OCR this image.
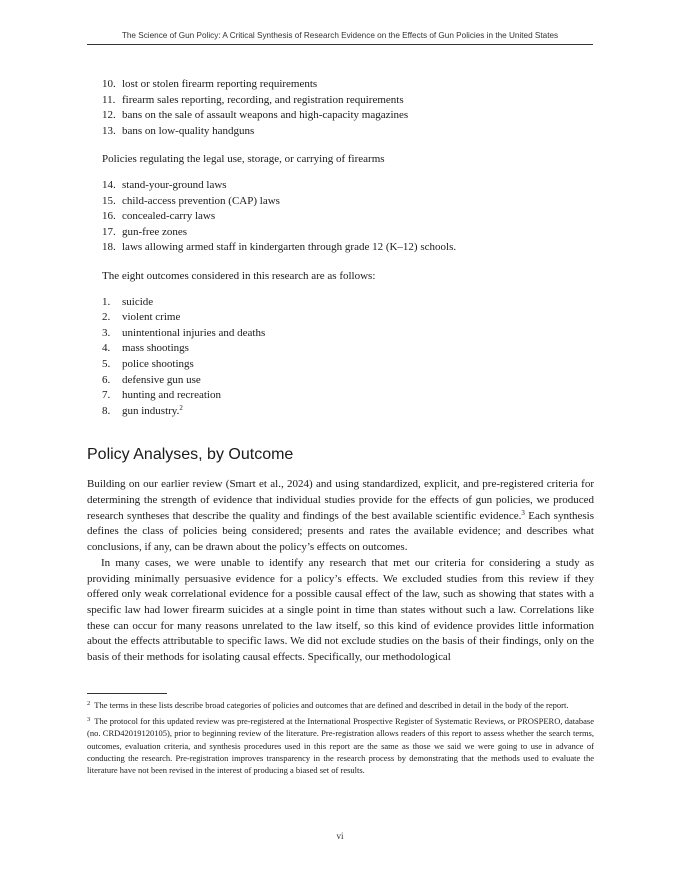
The Science of Gun Policy: A Critical Synthesis of Research Evidence on the Effects of Gun Policies in the United States
10. lost or stolen firearm reporting requirements
11. firearm sales reporting, recording, and registration requirements
12. bans on the sale of assault weapons and high-capacity magazines
13. bans on low-quality handguns

Policies regulating the legal use, storage, or carrying of firearms

14. stand-your-ground laws
15. child-access prevention (CAP) laws
16. concealed-carry laws
17. gun-free zones
18. laws allowing armed staff in kindergarten through grade 12 (K–12) schools.

The eight outcomes considered in this research are as follows:

1.	suicide
2.	violent crime
3.	unintentional injuries and deaths
4.	mass shootings
5.	police shootings
6.	defensive gun use
7.	hunting and recreation
8.	gun industry.$^2$
Policy Analyses, by Outcome

Building on our earlier review (Smart et al., 2024) and using standardized, explicit, and pre-registered criteria for determining the strength of evidence that individual studies provide for the effects of gun policies, we produced research syntheses that describe the quality and findings of the best available scientific evidence.$^3$ Each synthesis defines the class of policies being considered; presents and rates the available evidence; and describes what conclusions, if any, can be drawn about the policy’s effects on outcomes.

In many cases, we were unable to identify any research that met our criteria for considering a study as providing minimally persuasive evidence for a policy’s effects. We excluded studies from this review if they offered only weak correlational evidence for a possible causal effect of the law, such as showing that states with a specific law had lower firearm suicides at a single point in time than states without such a law. Correlations like these can occur for many reasons unrelated to the law itself, so this kind of evidence provides little information about the effects attributable to specific laws. We did not exclude studies on the basis of their findings, only on the basis of their methods for isolating causal effects. Specifically, our methodological

$^2$ The terms in these lists describe broad categories of policies and outcomes that are defined and described in detail in the body of the report.

$^3$ The protocol for this updated review was pre-registered at the International Prospective Register of Systematic Reviews, or PROSPERO, database (no. CRD42019120105), prior to beginning review of the literature. Pre-registration allows readers of this report to assess whether the search terms, outcomes, evaluation criteria, and synthesis procedures used in this report are the same as those we said we were going to use in advance of conducting the research. Pre-registration improves transparency in the research process by demonstrating that the methods used to evaluate the literature have not been revised in the interest of producing a biased set of results.

vi
